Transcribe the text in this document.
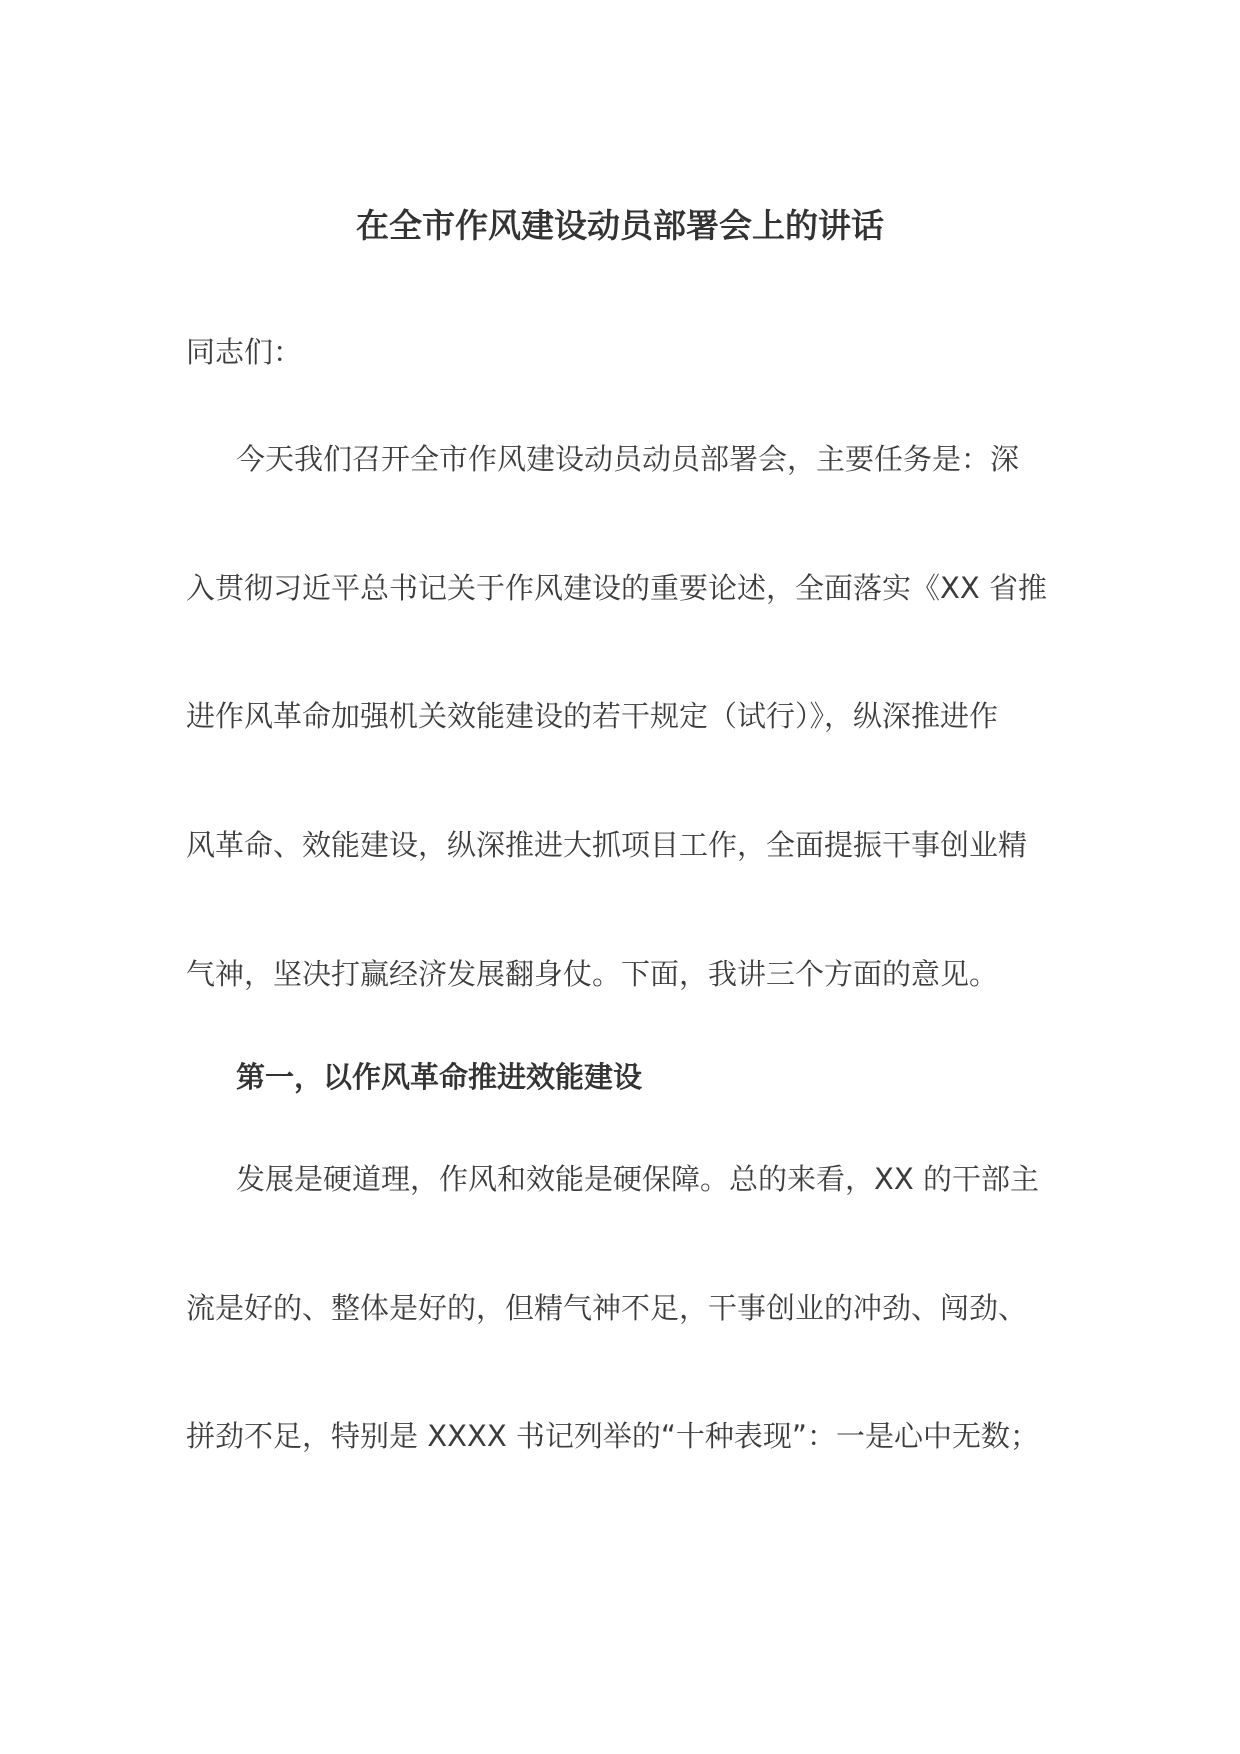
在全市作风建设动员部署会上的讲话
同志们：
今天我们召开全市作风建设动员动员部署会，主要任务是：深
入贯彻习近平总书记关于作风建设的重要论述，全面落实《XX 省推
进作风革命加强机关效能建设的若干规定（试行）》，纵深推进作
风革命、效能建设，纵深推进大抓项目工作，全面提振干事创业精
气神，坚决打赢经济发展翻身仗。下面，我讲三个方面的意见。
第一，以作风革命推进效能建设
发展是硬道理，作风和效能是硬保障。总的来看，XX 的干部主
流是好的、整体是好的，但精气神不足，干事创业的冲劲、闯劲、
拼劲不足，特别是 XXXX 书记列举的“十种表现”：一是心中无数；
